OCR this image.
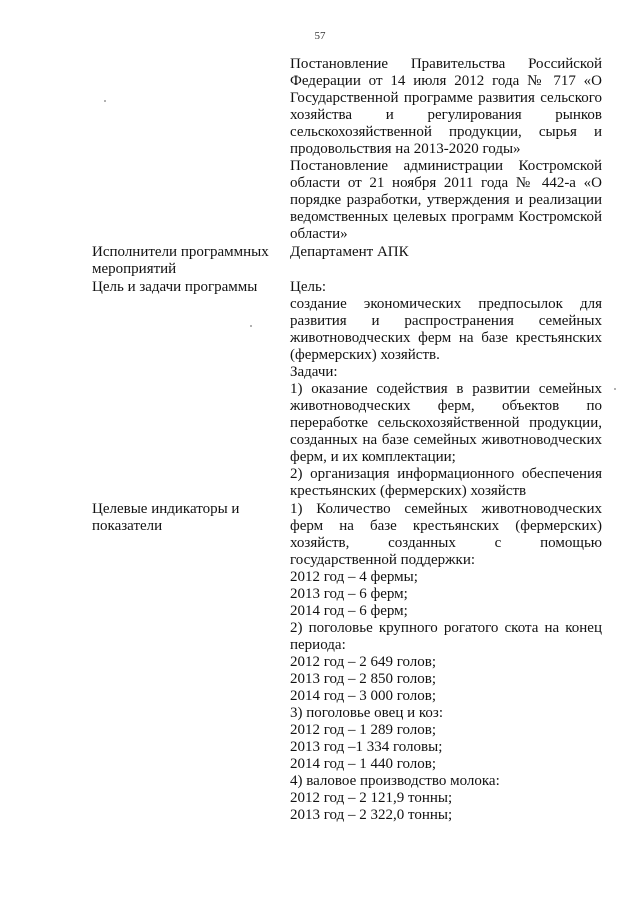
57

Постановление Правительства Российской Федерации от 14 июля 2012 года № 717 «О Государственной программе развития сельского хозяйства и регулирования рынков сельскохозяйственной продукции, сырья и продовольствия на 2013-2020 годы»

Постановление администрации Костромской области от 21 ноября 2011 года № 442-а «О порядке разработки, утверждения и реализации ведомственных целевых программ Костромской области»

Исполнители программных мероприятий

Департамент АПК

Цель и задачи программы	Цель:

создание экономических предпосылок для развития и распространения семейных животноводческих ферм на базе крестьянских (фермерских) хозяйств.

Задачи:

1) оказание содействия в развитии семейных животноводческих ферм, объектов по переработке сельскохозяйственной продукции, созданных на базе семейных животноводческих ферм, и их комплектации;

2) организация информационного обеспечения крестьянских (фермерских) хозяйств

Целевые индикаторы и показатели

1) Количество семейных животноводческих ферм на базе крестьянских (фермерских) хозяйств, созданных с помощью государственной поддержки:

2012 год – 4 фермы;

2013 год – 6 ферм;

2014 год – 6 ферм;

2) поголовье крупного рогатого скота на конец периода:

2012 год – 2 649 голов;

2013 год – 2 850 голов;

2014 год – 3 000 голов;

3) поголовье овец и коз:

2012 год – 1 289 голов;

2013 год –1 334 головы;

2014 год – 1 440 голов;

4) валовое производство молока:

2012 год – 2 121,9 тонны;

2013 год – 2 322,0 тонны;
